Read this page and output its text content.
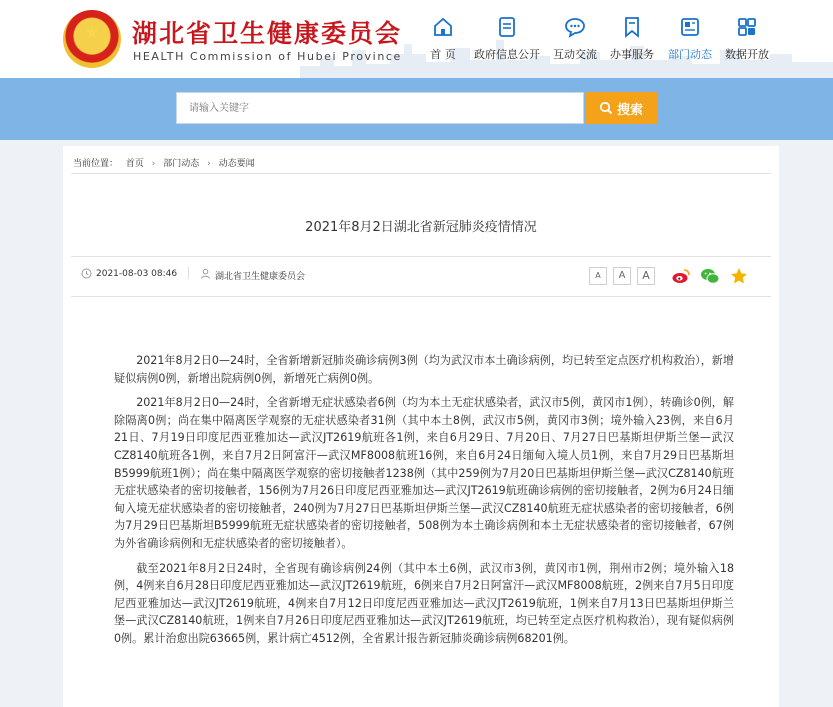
★	湖北省卫生健康委员会
HEALTH Commission of Hubei Province	首 页	政府信息公开	互动交流	办事服务	部门动态	数据开放
请输入关键字
搜索
当前位置： 首页 › 部门动态 › 动态要闻
2021年8月2日湖北省新冠肺炎疫情情况
2021-08-03 08:46	湖北省卫生健康委员会	A	A	A

2021年8月2日0—24时，全省新增新冠肺炎确诊病例3例（均为武汉市本土确诊病例，均已转至定点医疗机构救治），新增疑似病例0例，新增出院病例0例，新增死亡病例0例。

2021年8月2日0—24时，全省新增无症状感染者6例（均为本土无症状感染者，武汉市5例，黄冈市1例），转确诊0例，解除隔离0例；尚在集中隔离医学观察的无症状感染者31例（其中本土8例，武汉市5例，黄冈市3例；境外输入23例，来自6月21日、7月19日印度尼西亚雅加达—武汉JT2619航班各1例，来自6月29日、7月20日、7月27日巴基斯坦伊斯兰堡—武汉CZ8140航班各1例，来自7月2日阿富汗—武汉MF8008航班16例，来自6月24日缅甸入境人员1例，来自7月29日巴基斯坦B5999航班1例）；尚在集中隔离医学观察的密切接触者1238例（其中259例为7月20日巴基斯坦伊斯兰堡—武汉CZ8140航班无症状感染者的密切接触者，156例为7月26日印度尼西亚雅加达—武汉JT2619航班确诊病例的密切接触者，2例为6月24日缅甸入境无症状感染者的密切接触者，240例为7月27日巴基斯坦伊斯兰堡—武汉CZ8140航班无症状感染者的密切接触者，6例为7月29日巴基斯坦B5999航班无症状感染者的密切接触者，508例为本土确诊病例和本土无症状感染者的密切接触者，67例为外省确诊病例和无症状感染者的密切接触者）。

截至2021年8月2日24时，全省现有确诊病例24例（其中本土6例，武汉市3例，黄冈市1例，荆州市2例；境外输入18例，4例来自6月28日印度尼西亚雅加达—武汉JT2619航班，6例来自7月2日阿富汗—武汉MF8008航班，2例来自7月5日印度尼西亚雅加达—武汉JT2619航班，4例来自7月12日印度尼西亚雅加达—武汉JT2619航班，1例来自7月13日巴基斯坦伊斯兰堡—武汉CZ8140航班，1例来自7月26日印度尼西亚雅加达—武汉JT2619航班，均已转至定点医疗机构救治），现有疑似病例0例。累计治愈出院63665例，累计病亡4512例，全省累计报告新冠肺炎确诊病例68201例。
